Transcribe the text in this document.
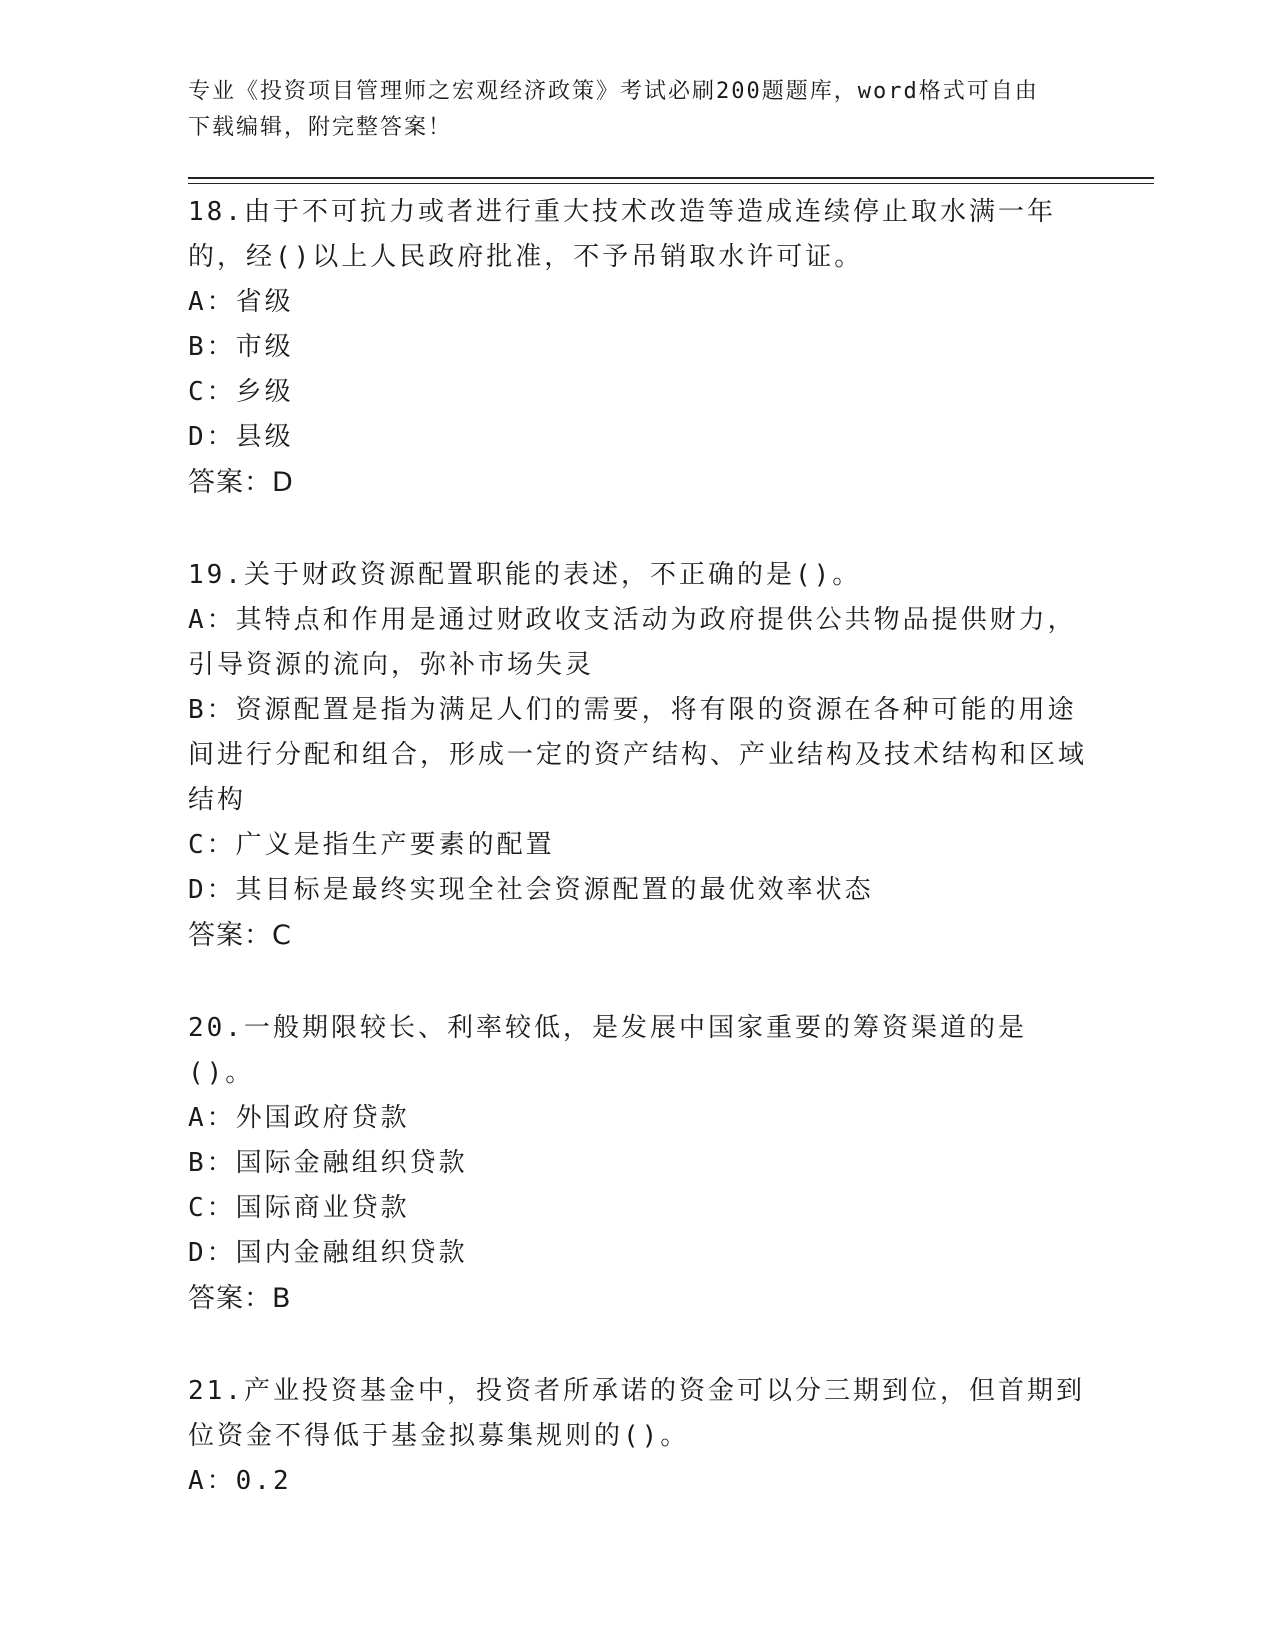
专业《投资项目管理师之宏观经济政策》考试必刷200题题库，word格式可自由
下载编辑，附完整答案！

18.由于不可抗力或者进行重大技术改造等造成连续停止取水满一年的，经()以上人民政府批准，不予吊销取水许可证。

A：省级

B：市级

C：乡级

D：县级

答案：D

19.关于财政资源配置职能的表述，不正确的是()。

A：其特点和作用是通过财政收支活动为政府提供公共物品提供财力，引导资源的流向，弥补市场失灵

B：资源配置是指为满足人们的需要，将有限的资源在各种可能的用途间进行分配和组合，形成一定的资产结构、产业结构及技术结构和区域结构

C：广义是指生产要素的配置

D：其目标是最终实现全社会资源配置的最优效率状态

答案：C

20.一般期限较长、利率较低，是发展中国家重要的筹资渠道的是()。

A：外国政府贷款

B：国际金融组织贷款

C：国际商业贷款

D：国内金融组织贷款

答案：B

21.产业投资基金中，投资者所承诺的资金可以分三期到位，但首期到位资金不得低于基金拟募集规则的()。

A：0.2
